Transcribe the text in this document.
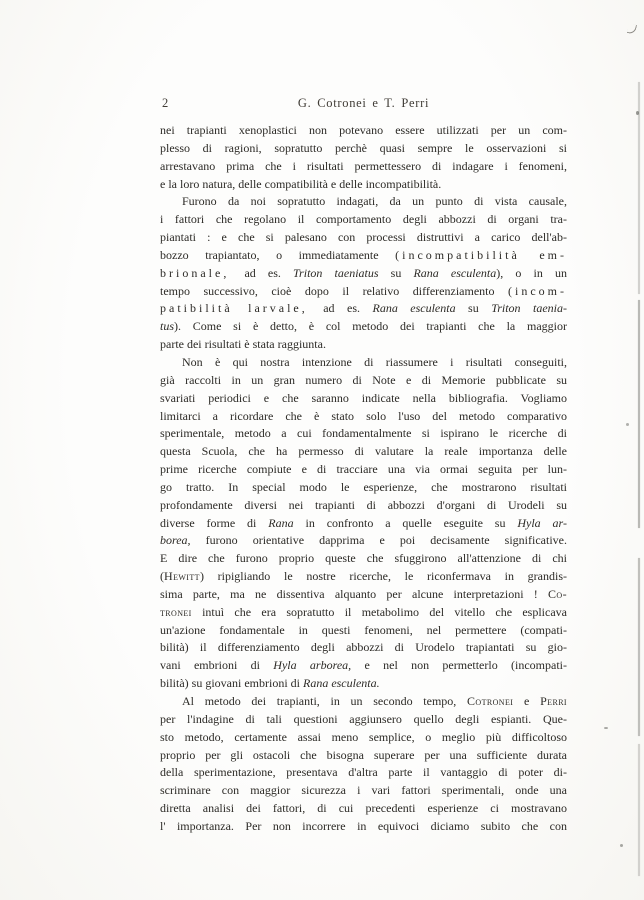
2	G. Cotronei e T. Perri
nei trapianti xenoplastici non potevano essere utilizzati per un com-
plesso di ragioni, sopratutto perchè quasi sempre le osservazioni si
arrestavano prima che i risultati permettessero di indagare i fenomeni,
e la loro natura, delle compatibilità e delle incompatibilità.
Furono da noi sopratutto indagati, da un punto di vista causale,
i fattori che regolano il comportamento degli abbozzi di organi tra-
piantati : e che si palesano con processi distruttivi a carico dell'ab-
bozzo trapiantato, o immediatamente (incompatibilità em-
brionale, ad es. Triton taeniatus su Rana esculenta), o in un
tempo successivo, cioè dopo il relativo differenziamento (incom-
patibilità larvale, ad es. Rana esculenta su Triton taenia-
tus). Come si è detto, è col metodo dei trapianti che la maggior
parte dei risultati è stata raggiunta.
Non è qui nostra intenzione di riassumere i risultati conseguiti,
già raccolti in un gran numero di Note e di Memorie pubblicate su
svariati periodici e che saranno indicate nella bibliografia. Vogliamo
limitarci a ricordare che è stato solo l'uso del metodo comparativo
sperimentale, metodo a cui fondamentalmente si ispirano le ricerche di
questa Scuola, che ha permesso di valutare la reale importanza delle
prime ricerche compiute e di tracciare una via ormai seguita per lun-
go tratto. In special modo le esperienze, che mostrarono risultati
profondamente diversi nei trapianti di abbozzi d'organi di Urodeli su
diverse forme di Rana in confronto a quelle eseguite su Hyla ar-
borea, furono orientative dapprima e poi decisamente significative.
E dire che furono proprio queste che sfuggirono all'attenzione di chi
(Hewitt) ripigliando le nostre ricerche, le riconfermava in grandis-
sima parte, ma ne dissentiva alquanto per alcune interpretazioni ! Co-
tronei intuì che era sopratutto il metabolimo del vitello che esplicava
un'azione fondamentale in questi fenomeni, nel permettere (compati-
bilità) il differenziamento degli abbozzi di Urodelo trapiantati su gio-
vani embrioni di Hyla arborea, e nel non permetterlo (incompati-
bilità) su giovani embrioni di Rana esculenta.
Al metodo dei trapianti, in un secondo tempo, Cotronei e Perri
per l'indagine di tali questioni aggiunsero quello degli espianti. Que-
sto metodo, certamente assai meno semplice, o meglio più difficoltoso
proprio per gli ostacoli che bisogna superare per una sufficiente durata
della sperimentazione, presentava d'altra parte il vantaggio di poter di-
scriminare con maggior sicurezza i vari fattori sperimentali, onde una
diretta analisi dei fattori, di cui precedenti esperienze ci mostravano
l' importanza. Per non incorrere in equivoci diciamo subito che con
